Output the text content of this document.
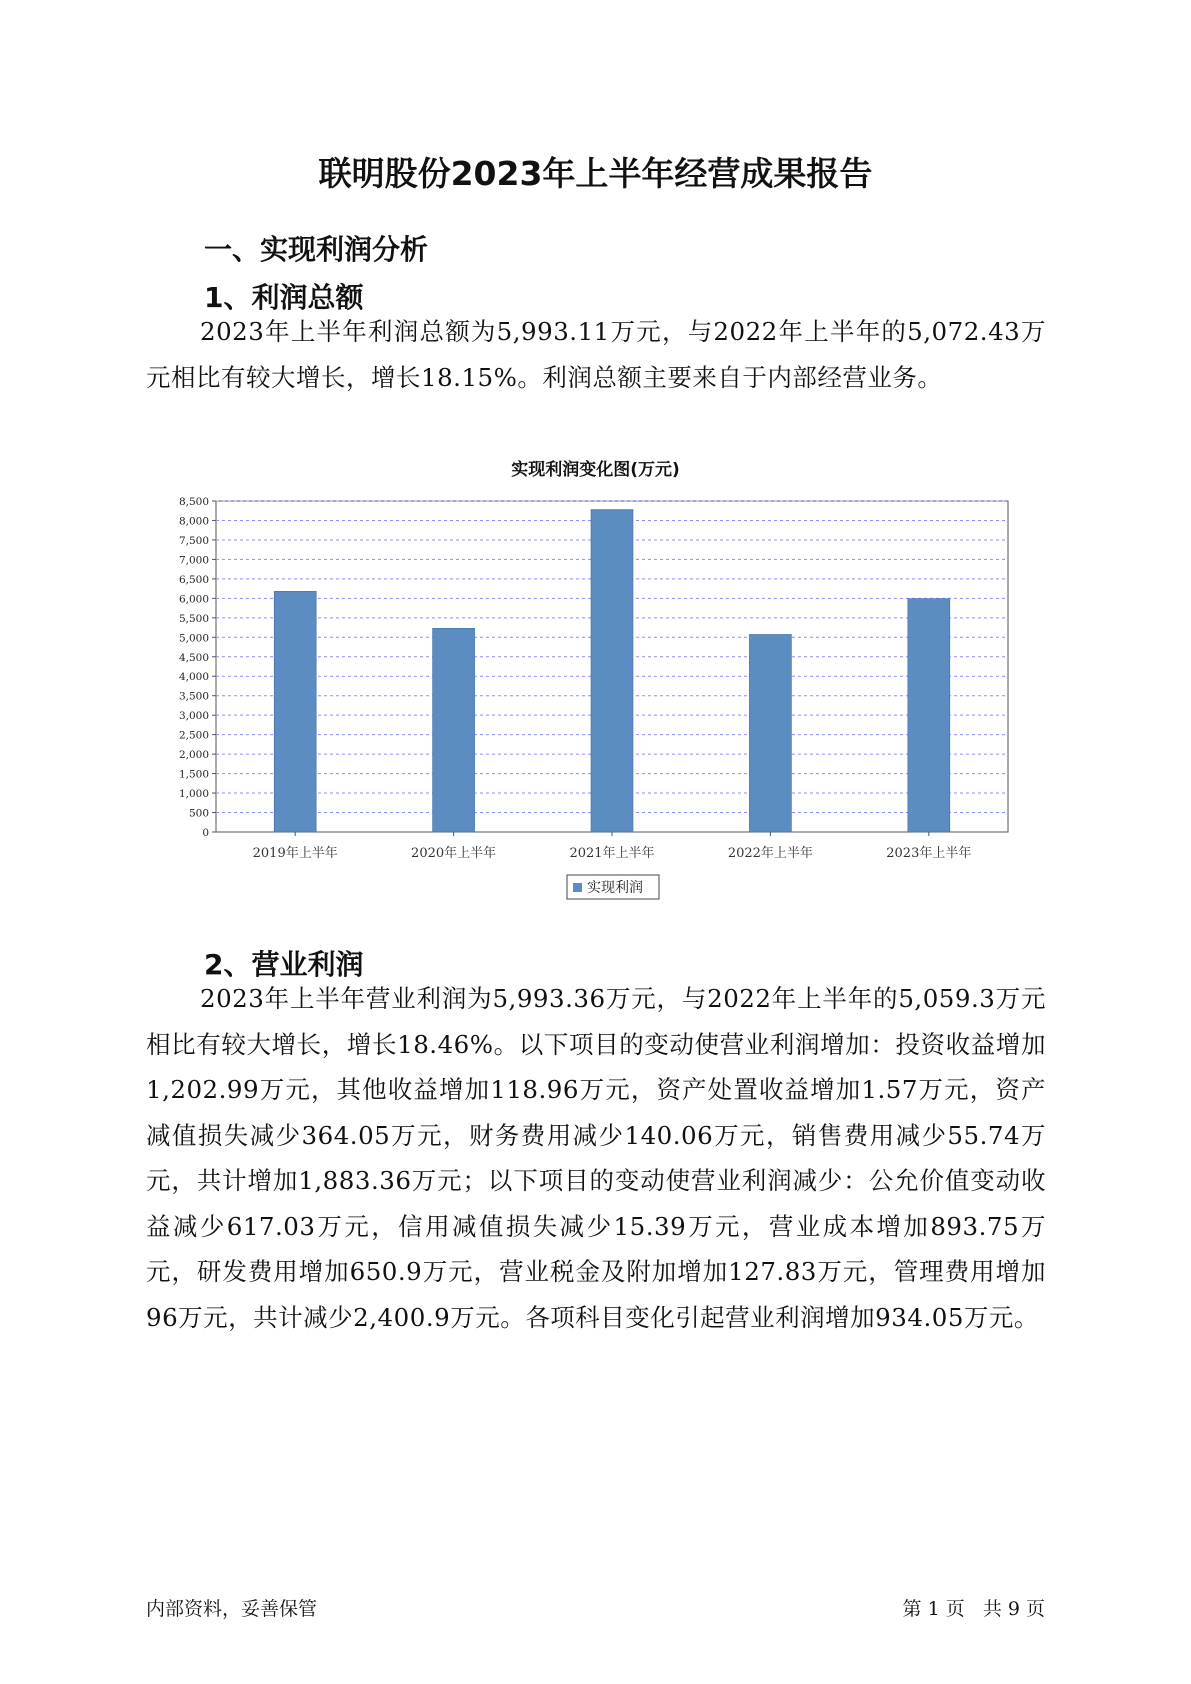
联明股份2023年上半年经营成果报告
一、实现利润分析
1、利润总额
2023年上半年利润总额为5,993.11万元，与2022年上半年的5,072.43万元相比有较大增长，增长18.15%。利润总额主要来自于内部经营业务。
实现利润变化图(万元)
0
500
1,000
1,500
2,000
2,500
3,000
3,500
4,000
4,500
5,000
5,500
6,000
6,500
7,000
7,500
8,000
8,500
2019年上半年	2020年上半年	2021年上半年	2022年上半年	2023年上半年
实现利润
2、营业利润
2023年上半年营业利润为5,993.36万元，与2022年上半年的5,059.3万元相比有较大增长，增长18.46%。以下项目的变动使营业利润增加：投资收益增加1,202.99万元，其他收益增加118.96万元，资产处置收益增加1.57万元，资产减值损失减少364.05万元，财务费用减少140.06万元，销售费用减少55.74万元，共计增加1,883.36万元；以下项目的变动使营业利润减少：公允价值变动收益减少617.03万元，信用减值损失减少15.39万元，营业成本增加893.75万元，研发费用增加650.9万元，营业税金及附加增加127.83万元，管理费用增加96万元，共计减少2,400.9万元。各项科目变化引起营业利润增加934.05万元。
内部资料，妥善保管	第 1 页   共 9 页
